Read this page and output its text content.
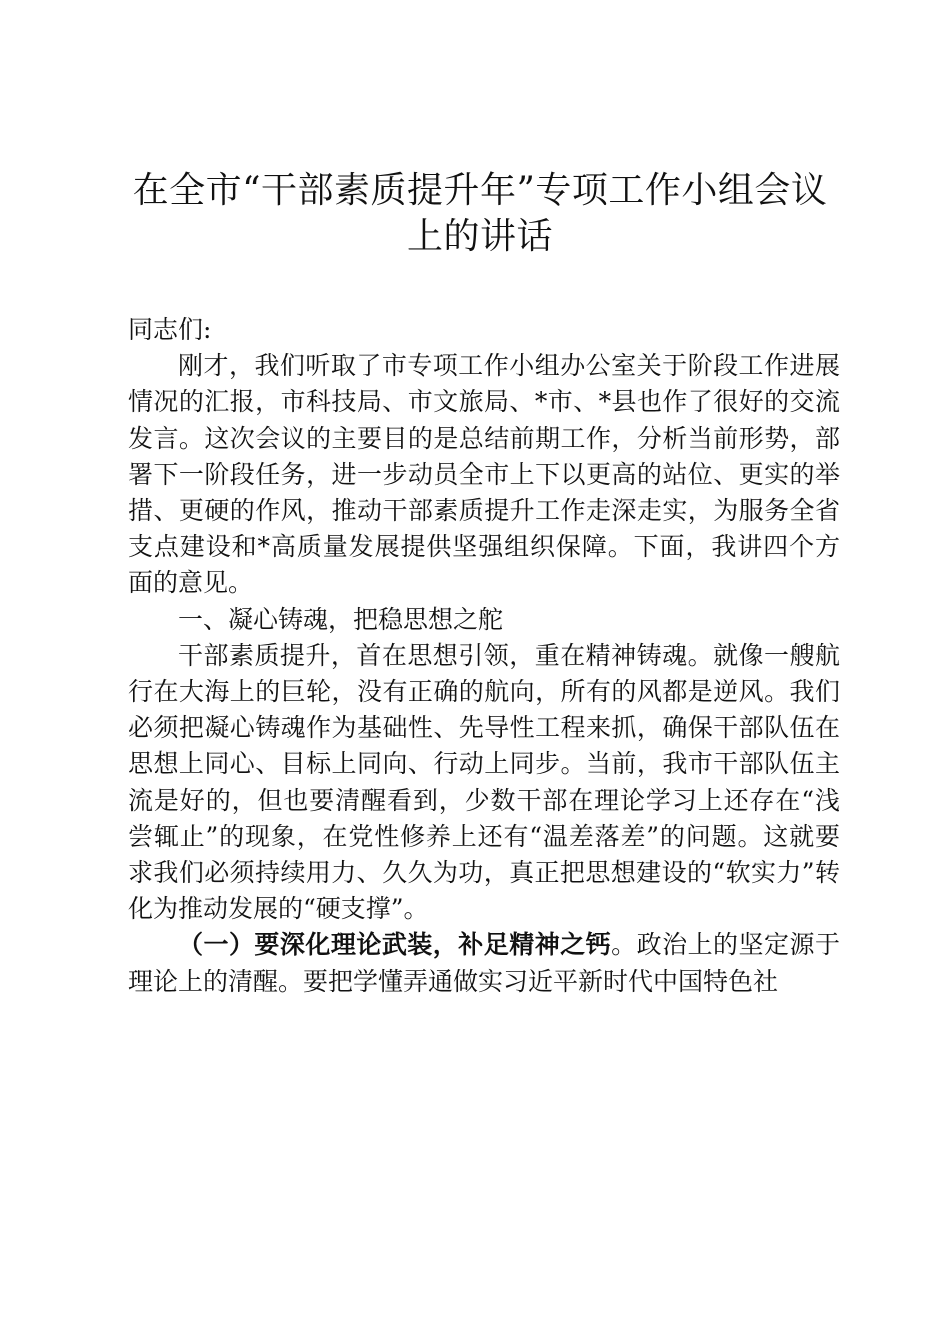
在全市“干部素质提升年”专项工作小组会议
上的讲话

同志们:

刚才，我们听取了市专项工作小组办公室关于阶段工作进展情况的汇报，市科技局、市文旅局、*市、*县也作了很好的交流发言。这次会议的主要目的是总结前期工作，分析当前形势，部署下一阶段任务，进一步动员全市上下以更高的站位、更实的举措、更硬的作风，推动干部素质提升工作走深走实，为服务全省支点建设和*高质量发展提供坚强组织保障。下面，我讲四个方面的意见。

一、凝心铸魂，把稳思想之舵

干部素质提升，首在思想引领，重在精神铸魂。就像一艘航行在大海上的巨轮，没有正确的航向，所有的风都是逆风。我们必须把凝心铸魂作为基础性、先导性工程来抓，确保干部队伍在思想上同心、目标上同向、行动上同步。当前，我市干部队伍主流是好的，但也要清醒看到，少数干部在理论学习上还存在“浅尝辄止”的现象，在党性修养上还有“温差落差”的问题。这就要求我们必须持续用力、久久为功，真正把思想建设的“软实力”转化为推动发展的“硬支撑”。

（一）要深化理论武装，补足精神之钙。政治上的坚定源于理论上的清醒。要把学懂弄通做实习近平新时代中国特色社
